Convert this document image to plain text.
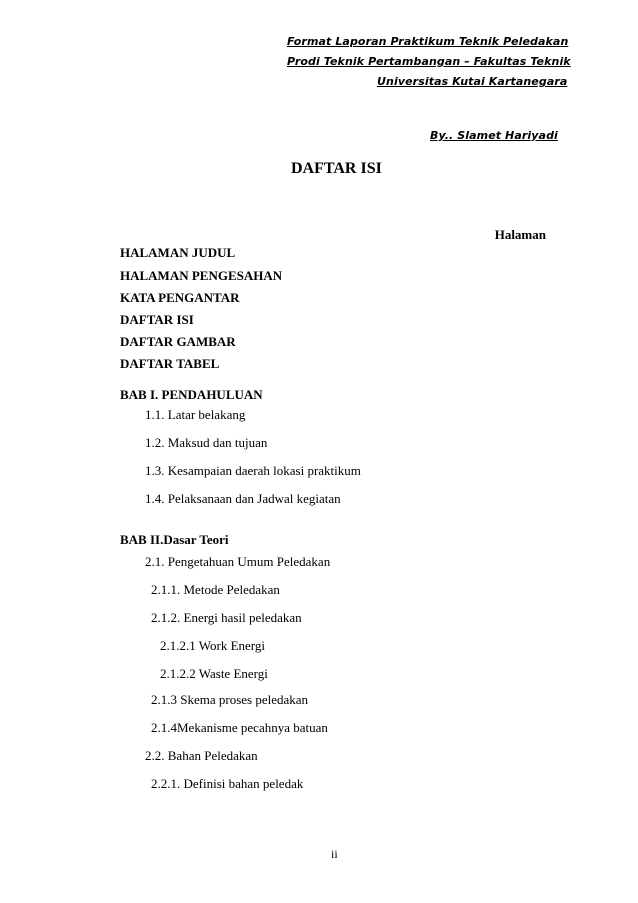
Format Laporan Praktikum Teknik Peledakan
Prodi Teknik Pertambangan – Fakultas Teknik
Universitas Kutai Kartanegara
By.. Slamet Hariyadi
DAFTAR ISI
Halaman
HALAMAN JUDUL
HALAMAN PENGESAHAN
KATA PENGANTAR
DAFTAR ISI
DAFTAR GAMBAR
DAFTAR TABEL
BAB I. PENDAHULUAN
1.1. Latar belakang
1.2. Maksud dan tujuan
1.3. Kesampaian daerah lokasi praktikum
1.4. Pelaksanaan dan Jadwal kegiatan
BAB II.Dasar Teori
2.1. Pengetahuan Umum Peledakan
2.1.1. Metode Peledakan
2.1.2. Energi hasil peledakan
2.1.2.1 Work Energi
2.1.2.2 Waste Energi
2.1.3 Skema proses peledakan
2.1.4Mekanisme pecahnya batuan
2.2. Bahan Peledakan
2.2.1. Definisi bahan peledak
ii
